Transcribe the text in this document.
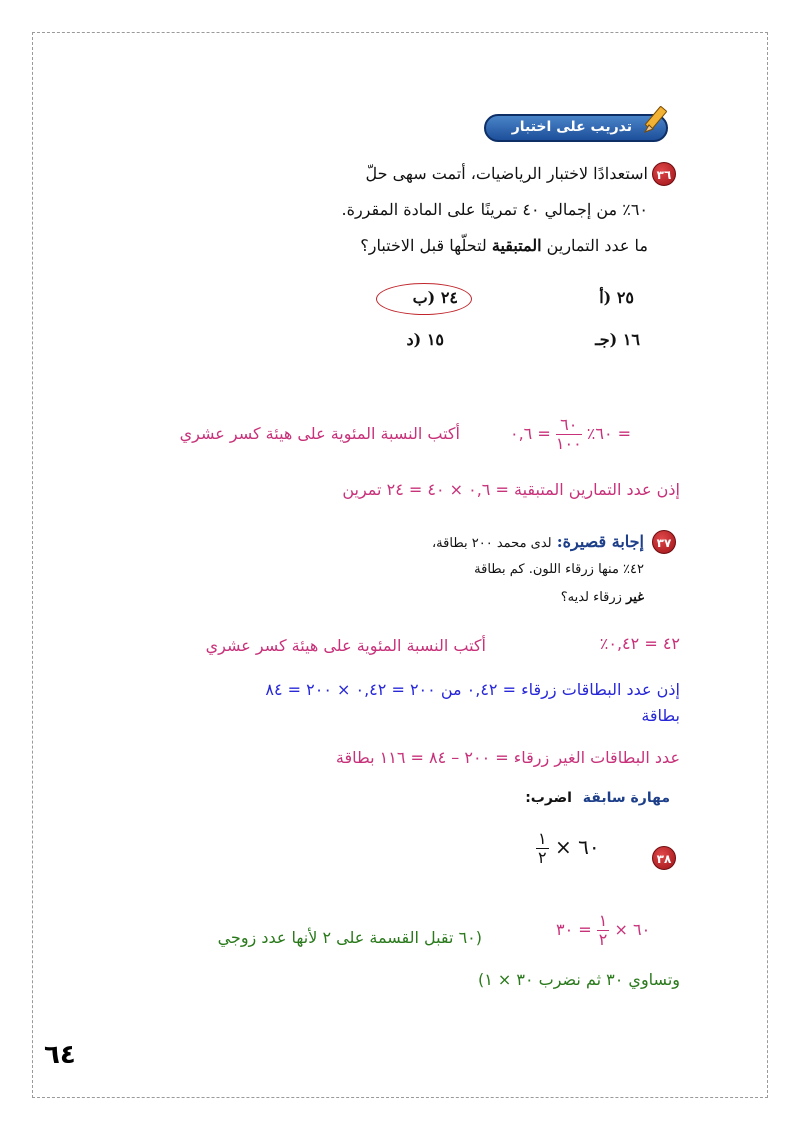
تدريب على اختبار
٣٦
استعدادًا لاختبار الرياضيات، أتمت سهى حلّ
٦٠٪ من إجمالي ٤٠ تمرينًا على المادة المقررة.
ما عدد التمارين المتبقية لتحلّها قبل الاختبار؟
٢٥ (أ
٢٤ (ب
١٦ (جـ
١٥ (د
= ٠,٦ $\frac{٦٠}{١٠٠}$ ٪٦٠ =
أكتب النسبة المئوية على هيئة كسر عشري
إذن عدد التمارين المتبقية = ٠,٦ × ٤٠ = ٢٤ تمرين
٣٧
إجابة قصيرة: لدى محمد ٢٠٠ بطاقة،
٤٢٪ منها زرقاء اللون. كم بطاقة
غير زرقاء لديه؟
٪٤٢ = ٠,٤٢
أكتب النسبة المئوية على هيئة كسر عشري
إذن عدد البطاقات زرقاء = ٠,٤٢ من ٢٠٠ = ٠,٤٢ × ٢٠٠ = ٨٤
بطاقة
عدد البطاقات الغير زرقاء = ٢٠٠ – ٨٤ = ١١٦ بطاقة
مهارة سابقة اضرب:
٣٨
$\frac{١}{٢}$ ٦٠ ×
= ٣٠ $\frac{١}{٢}$ ٦٠ ×
(٦٠ تقبل القسمة على ٢ لأنها عدد زوجي
وتساوي ٣٠ ثم نضرب ٣٠ × ١)
٦٤
